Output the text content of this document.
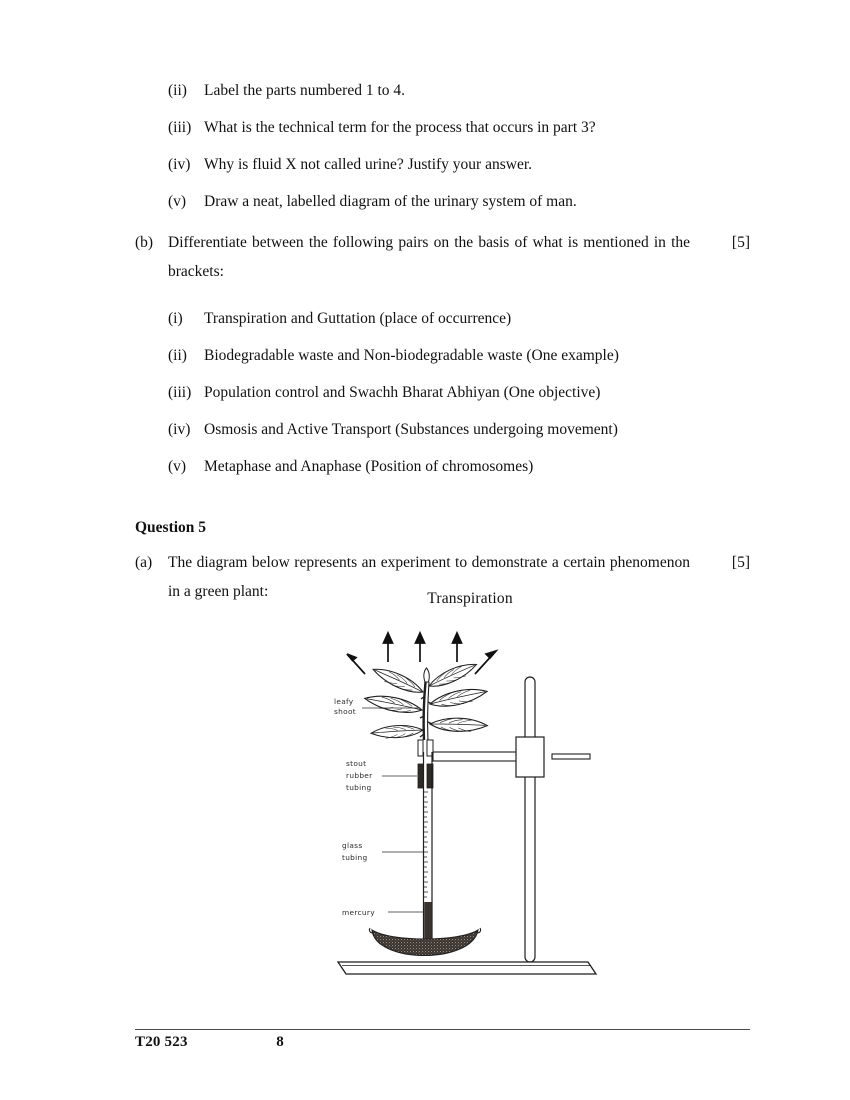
(ii)	Label the parts numbered 1 to 4.
(iii) What is the technical term for the process that occurs in part 3?
(iv) Why is fluid X not called urine? Justify your answer.
(v)	Draw a neat, labelled diagram of the urinary system of man.
(b) Differentiate between the following pairs on the basis of what is mentioned in the brackets:
[5]
(i)	Transpiration and Guttation (place of occurrence)
(ii)	Biodegradable waste and Non-biodegradable waste (One example)
(iii) Population control and Swachh Bharat Abhiyan (One objective)
(iv) Osmosis and Active Transport (Substances undergoing movement)
(v)	Metaphase and Anaphase (Position of chromosomes)
Question 5
(a) The diagram below represents an experiment to demonstrate a certain phenomenon in a green plant:
[5]
Transpiration
leafy
shoot
stout
rubber
tubing
glass
tubing
mercury
T20 523	8
